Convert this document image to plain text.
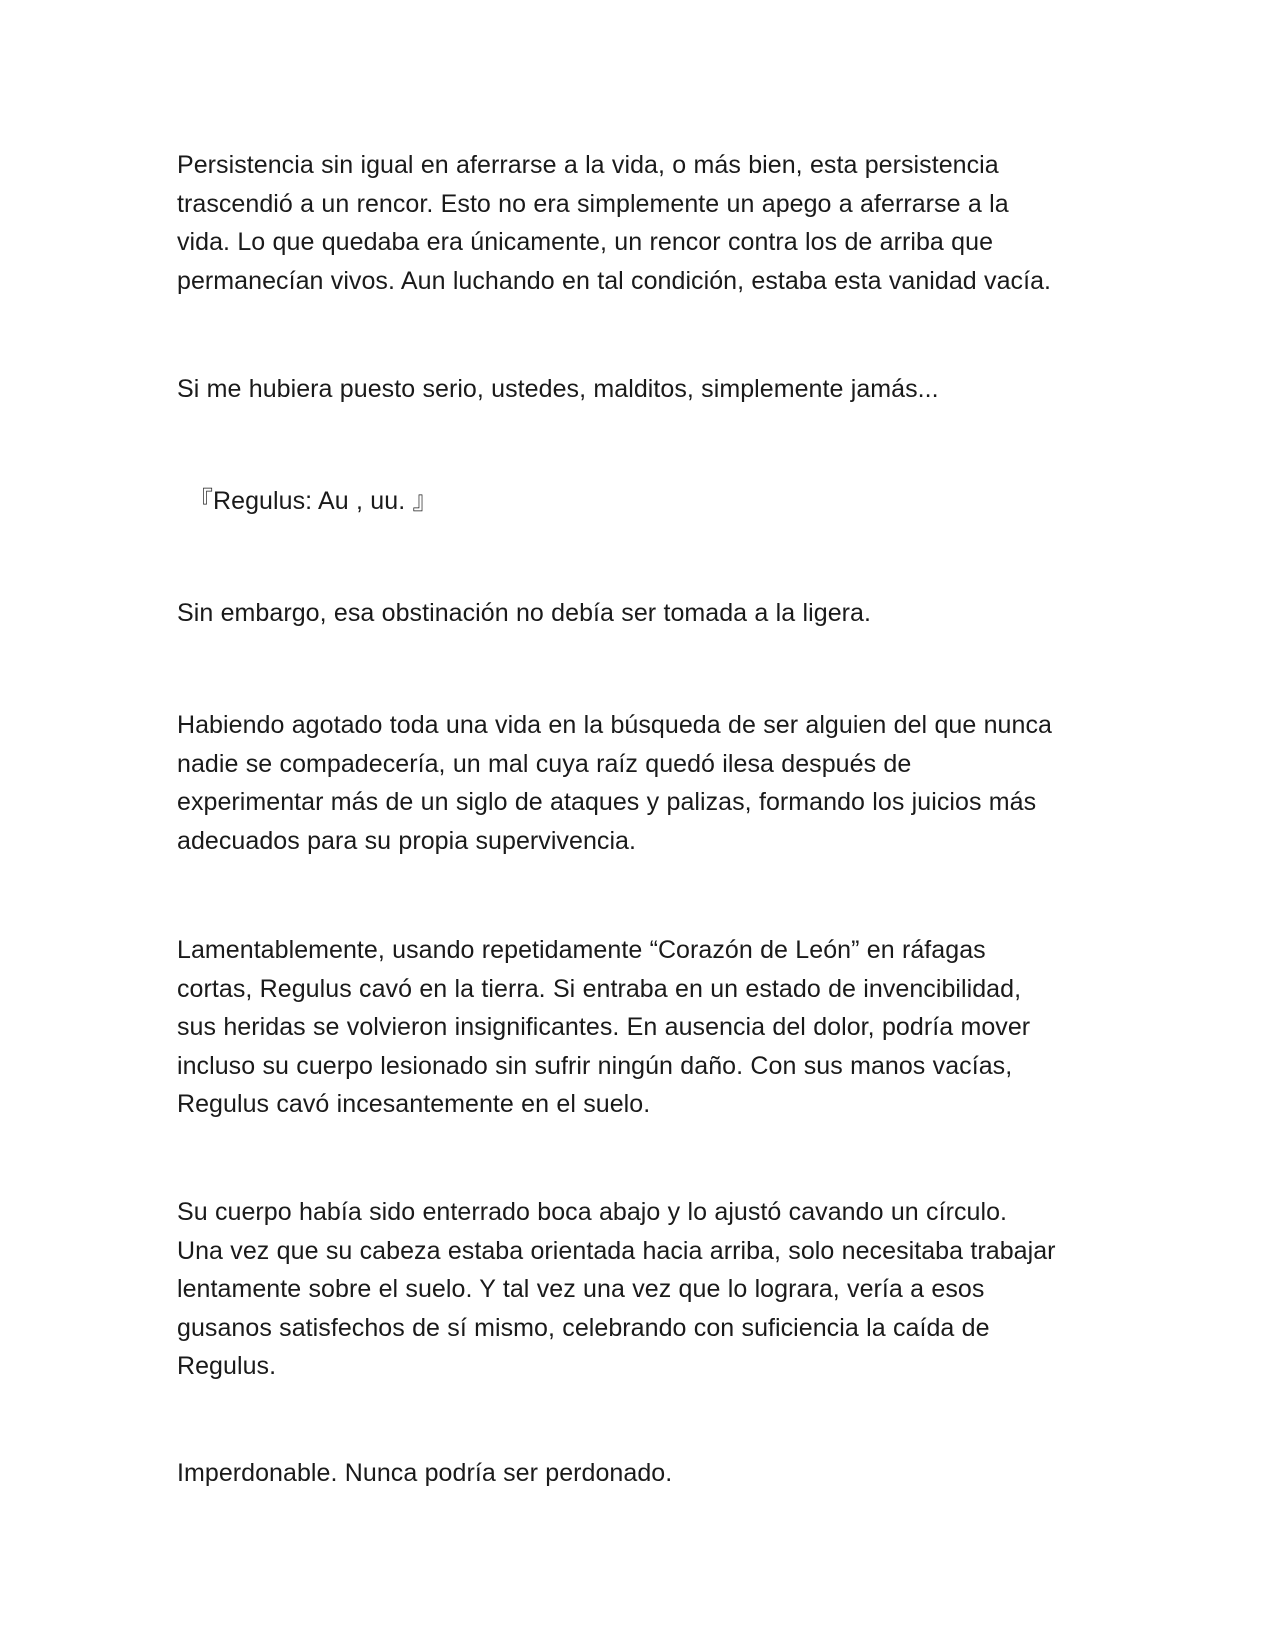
Persistencia sin igual en aferrarse a la vida, o más bien, esta persistencia
trascendió a un rencor. Esto no era simplemente un apego a aferrarse a la
vida. Lo que quedaba era únicamente, un rencor contra los de arriba que
permanecían vivos. Aun luchando en tal condición, estaba esta vanidad vacía.

Si me hubiera puesto serio, ustedes, malditos, simplemente jamás...

『Regulus: Au , uu. 』

Sin embargo, esa obstinación no debía ser tomada a la ligera.

Habiendo agotado toda una vida en la búsqueda de ser alguien del que nunca
nadie se compadecería, un mal cuya raíz quedó ilesa después de
experimentar más de un siglo de ataques y palizas, formando los juicios más
adecuados para su propia supervivencia.

Lamentablemente, usando repetidamente “Corazón de León” en ráfagas
cortas, Regulus cavó en la tierra. Si entraba en un estado de invencibilidad,
sus heridas se volvieron insignificantes. En ausencia del dolor, podría mover
incluso su cuerpo lesionado sin sufrir ningún daño. Con sus manos vacías,
Regulus cavó incesantemente en el suelo.

Su cuerpo había sido enterrado boca abajo y lo ajustó cavando un círculo.
Una vez que su cabeza estaba orientada hacia arriba, solo necesitaba trabajar
lentamente sobre el suelo. Y tal vez una vez que lo lograra, vería a esos
gusanos satisfechos de sí mismo, celebrando con suficiencia la caída de
Regulus.

Imperdonable. Nunca podría ser perdonado.
